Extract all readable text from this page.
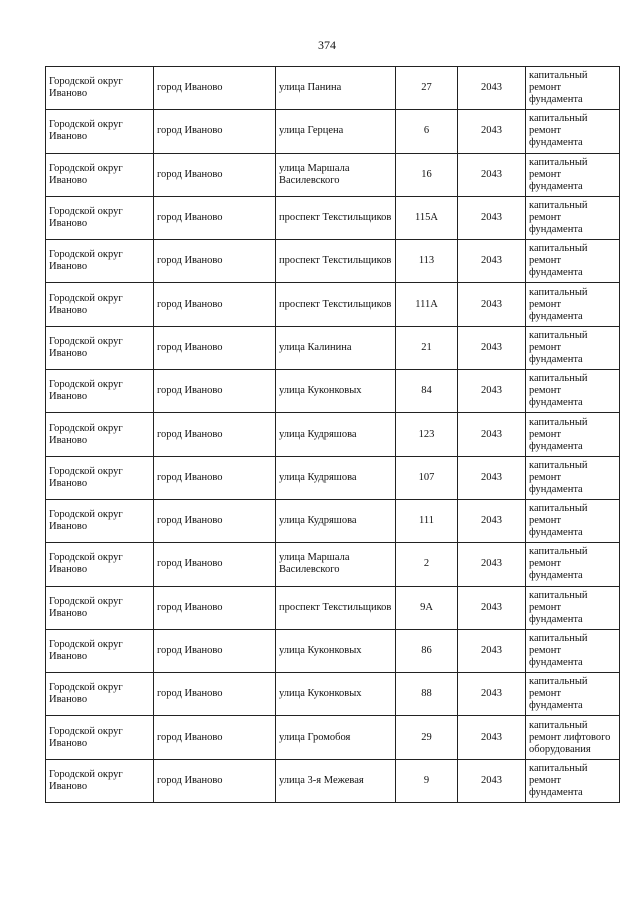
374
Городской округ Иваново	город Иваново	улица Панина	27	2043	капитальный ремонт фундамента
Городской округ Иваново	город Иваново	улица Герцена	6	2043	капитальный ремонт фундамента
Городской округ Иваново	город Иваново	улица Маршала Василевского	16	2043	капитальный ремонт фундамента
Городской округ Иваново	город Иваново	проспект Текстильщиков	115А	2043	капитальный ремонт фундамента
Городской округ Иваново	город Иваново	проспект Текстильщиков	113	2043	капитальный ремонт фундамента
Городской округ Иваново	город Иваново	проспект Текстильщиков	111А	2043	капитальный ремонт фундамента
Городской округ Иваново	город Иваново	улица Калинина	21	2043	капитальный ремонт фундамента
Городской округ Иваново	город Иваново	улица Куконковых	84	2043	капитальный ремонт фундамента
Городской округ Иваново	город Иваново	улица Кудряшова	123	2043	капитальный ремонт фундамента
Городской округ Иваново	город Иваново	улица Кудряшова	107	2043	капитальный ремонт фундамента
Городской округ Иваново	город Иваново	улица Кудряшова	111	2043	капитальный ремонт фундамента
Городской округ Иваново	город Иваново	улица Маршала Василевского	2	2043	капитальный ремонт фундамента
Городской округ Иваново	город Иваново	проспект Текстильщиков	9А	2043	капитальный ремонт фундамента
Городской округ Иваново	город Иваново	улица Куконковых	86	2043	капитальный ремонт фундамента
Городской округ Иваново	город Иваново	улица Куконковых	88	2043	капитальный ремонт фундамента
Городской округ Иваново	город Иваново	улица Громобоя	29	2043	капитальный ремонт лифтового оборудования
Городской округ Иваново	город Иваново	улица 3-я Межевая	9	2043	капитальный ремонт фундамента
